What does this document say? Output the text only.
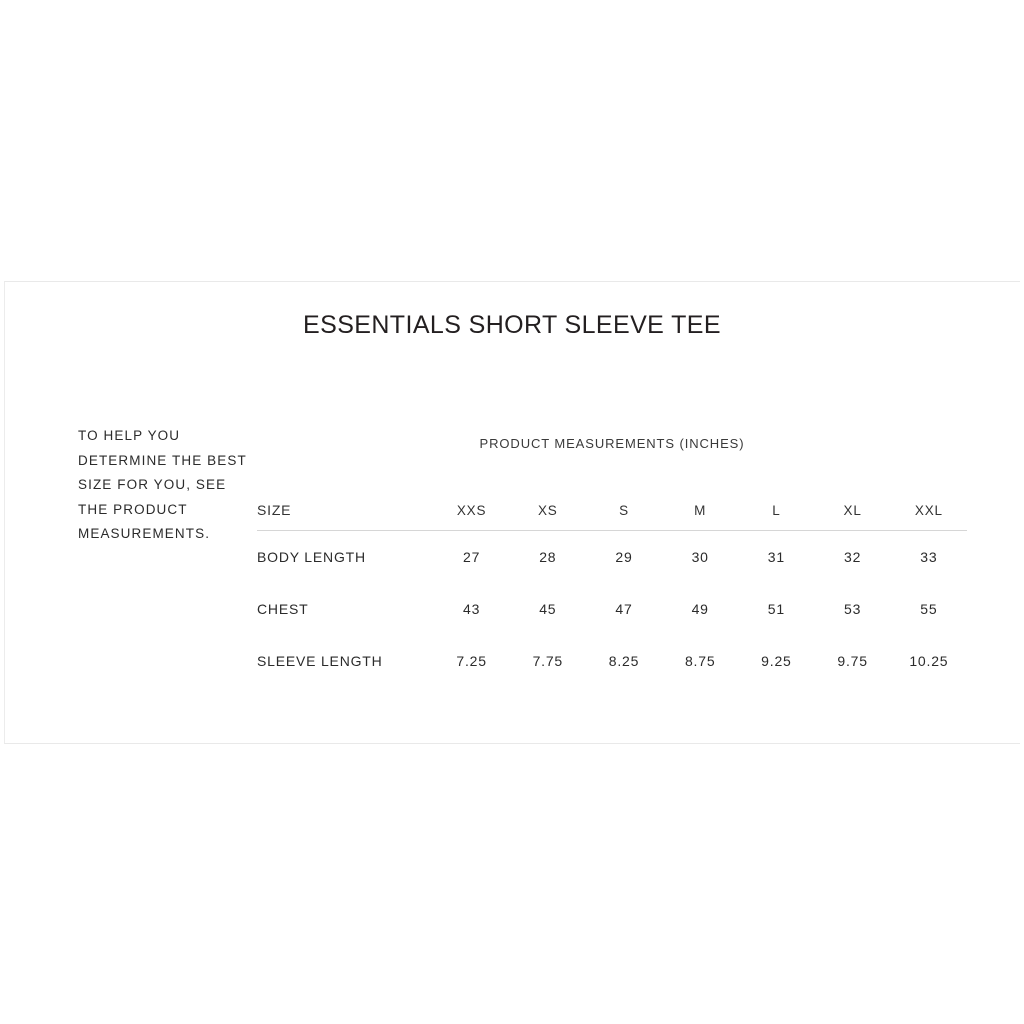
ESSENTIALS SHORT SLEEVE TEE
TO HELP YOU DETERMINE THE BEST SIZE FOR YOU, SEE THE PRODUCT MEASUREMENTS.
PRODUCT MEASUREMENTS (INCHES)
SIZE	XXS	XS	S	M	L	XL	XXL
BODY LENGTH	27	28	29	30	31	32	33
CHEST	43	45	47	49	51	53	55
SLEEVE LENGTH	7.25	7.75	8.25	8.75	9.25	9.75	10.25
